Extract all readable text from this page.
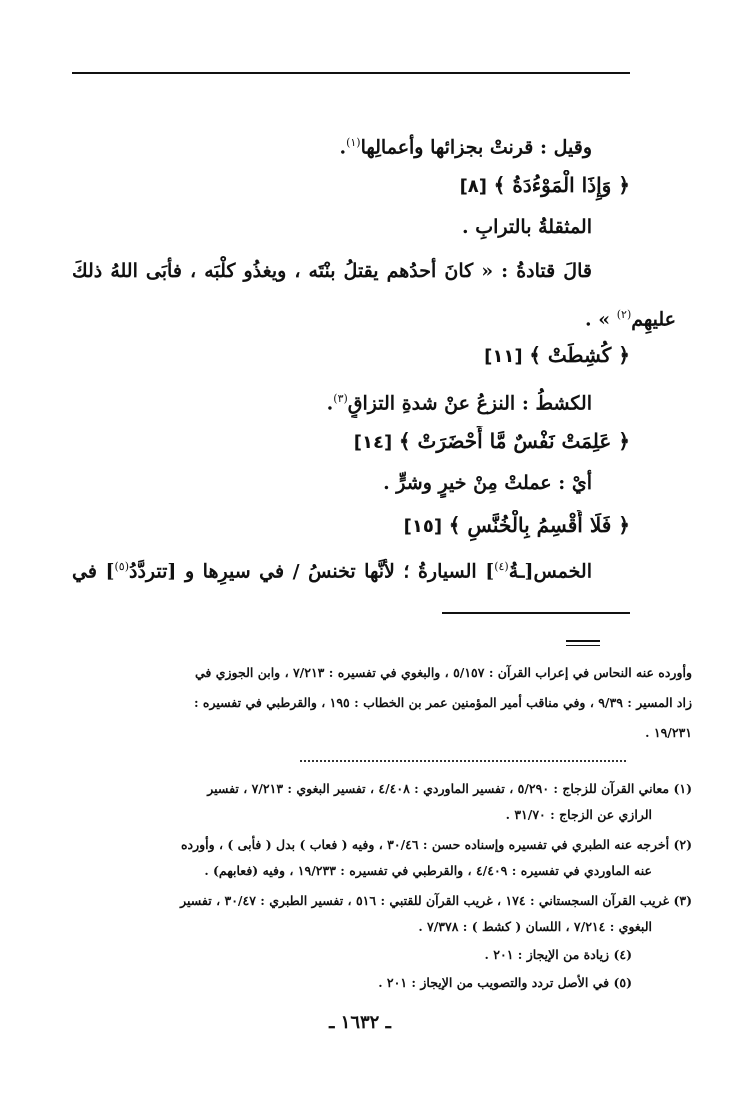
وقيل : قرنتْ بجزائها وأعمالِها$^{(١)}$.
﴿ وَإِذَا الْمَوْءُدَةُ ﴾ [٨]
المثقلةُ بالترابِ .
قالَ قتادةُ : « كانَ أحدُهم يقتلُ بنْتَه ، ويغذُو كلْبَه ، فأبَى اللهُ ذلكَ
عليهِم$^{(٢)}$ » .
﴿ كُشِطَتْ ﴾ [١١]
الكشطُ : النزعُ عنْ شدةِ التزاقٍ$^{(٣)}$.
﴿ عَلِمَتْ نَفْسٌ مَّا أَحْضَرَتْ ﴾ [١٤]
أيْ : عملتْ مِنْ خيرٍ وشرٍّ .
﴿ فَلَا أُقْسِمُ بِالْخُنَّسِ ﴾ [١٥]
الخمس[ـةُ$^{(٤)}$] السيارةُ ؛ لأنَّها تخنسُ / في سيرِها و [تتردَّدُ$^{(٥)}$] في
وأورده عنه النحاس في إعراب القرآن : ٥/١٥٧ ، والبغوي في تفسيره : ٧/٢١٣ ، وابن الجوزي في
زاد المسير : ٩/٣٩ ، وفي مناقب أمير المؤمنين عمر بن الخطاب : ١٩٥ ، والقرطبي في تفسيره :
١٩/٢٣١ .
(١) معاني القرآن للزجاج : ٥/٢٩٠ ، تفسير الماوردي : ٤/٤٠٨ ، تفسير البغوي : ٧/٢١٣ ، تفسير
الرازي عن الزجاج : ٣١/٧٠ .
(٢) أخرجه عنه الطبري في تفسيره وإسناده حسن : ٣٠/٤٦ ، وفيه ( فعاب ) بدل ( فأبى ) ، وأورده
عنه الماوردي في تفسيره : ٤/٤٠٩ ، والقرطبي في تفسيره : ١٩/٢٣٣ ، وفيه (فعابهم) .
(٣) غريب القرآن السجستاني : ١٧٤ ، غريب القرآن للقتبي : ٥١٦ ، تفسير الطبري : ٣٠/٤٧ ، تفسير
البغوي : ٧/٢١٤ ، اللسان ( كشط ) : ٧/٣٧٨ .
(٤) زيادة من الإيجاز : ٢٠١ .
(٥) في الأصل تردد والتصويب من الإيجاز : ٢٠١ .
ـ ١٦٣٢ ـ
